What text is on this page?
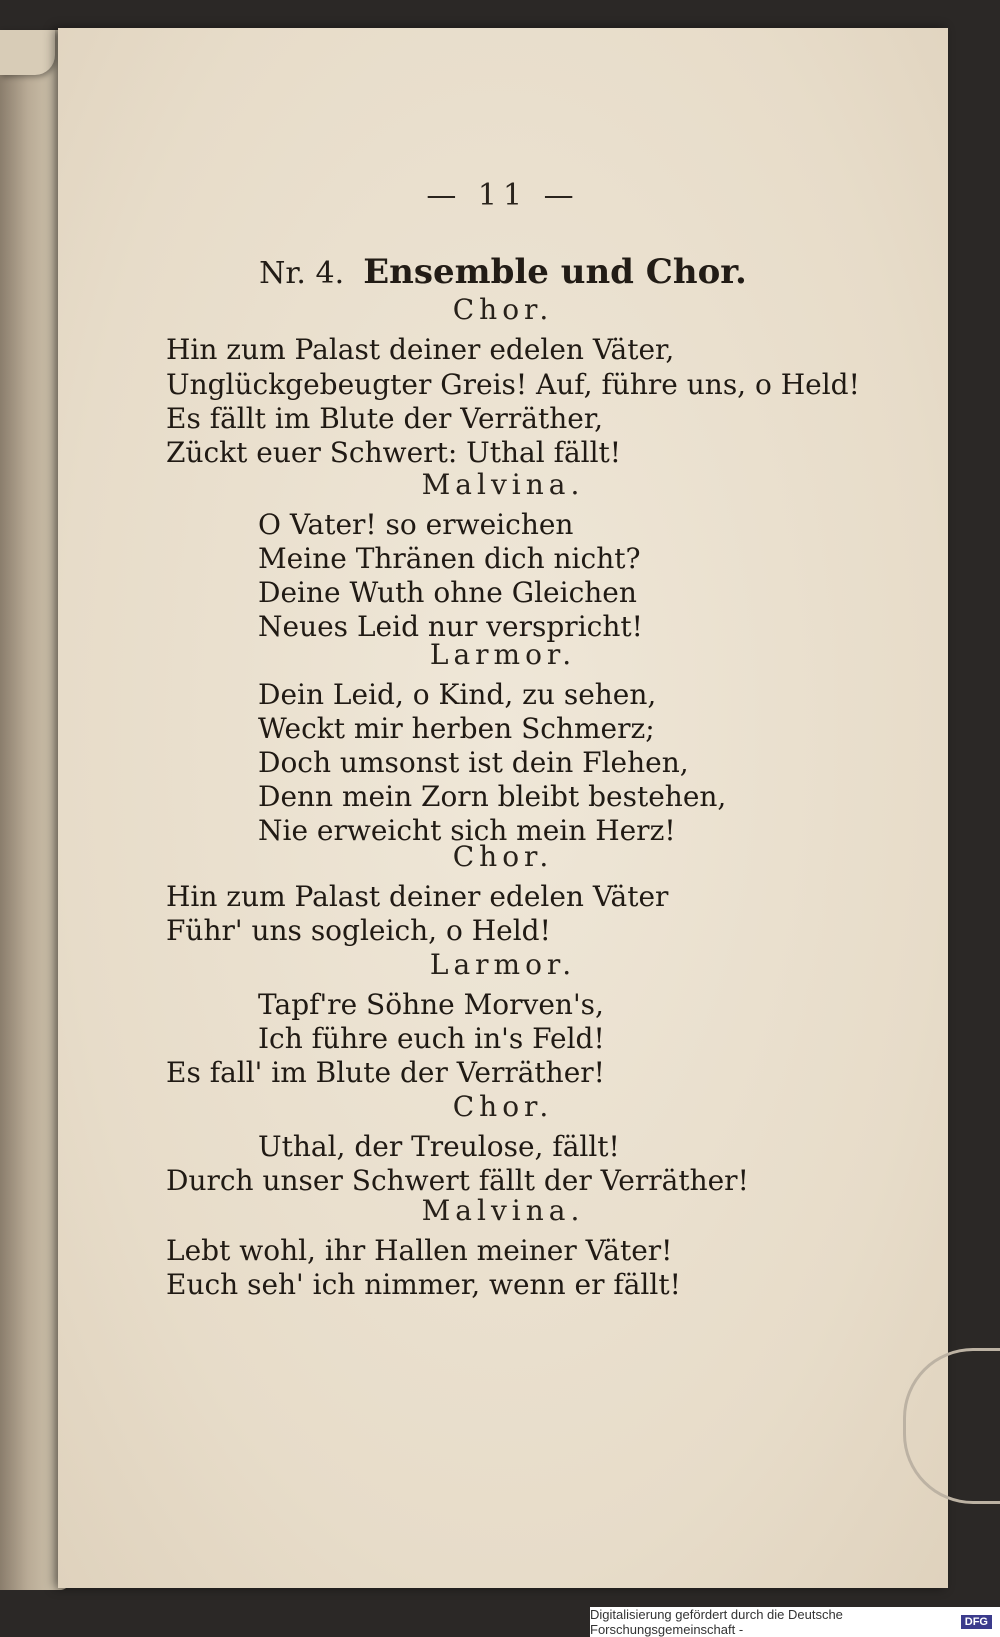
— 11 —
Nr. 4. Ensemble und Chor.
Chor.
Hin zum Palast deiner edelen Väter,
Unglückgebeugter Greis! Auf, führe uns, o Held!
Es fällt im Blute der Verräther,
Zückt euer Schwert: Uthal fällt!
Malvina.
O Vater! so erweichen
Meine Thränen dich nicht?
Deine Wuth ohne Gleichen
Neues Leid nur verspricht!
Larmor.
Dein Leid, o Kind, zu sehen,
Weckt mir herben Schmerz;
Doch umsonst ist dein Flehen,
Denn mein Zorn bleibt bestehen,
Nie erweicht sich mein Herz!
Chor.
Hin zum Palast deiner edelen Väter
Führ' uns sogleich, o Held!
Larmor.
Tapf're Söhne Morven's,
Ich führe euch in's Feld!
Es fall' im Blute der Verräther!
Chor.
Uthal, der Treulose, fällt!
Durch unser Schwert fällt der Verräther!
Malvina.
Lebt wohl, ihr Hallen meiner Väter!
Euch seh' ich nimmer, wenn er fällt!
Digitalisierung gefördert durch die Deutsche Forschungsgemeinschaft -	DFG
